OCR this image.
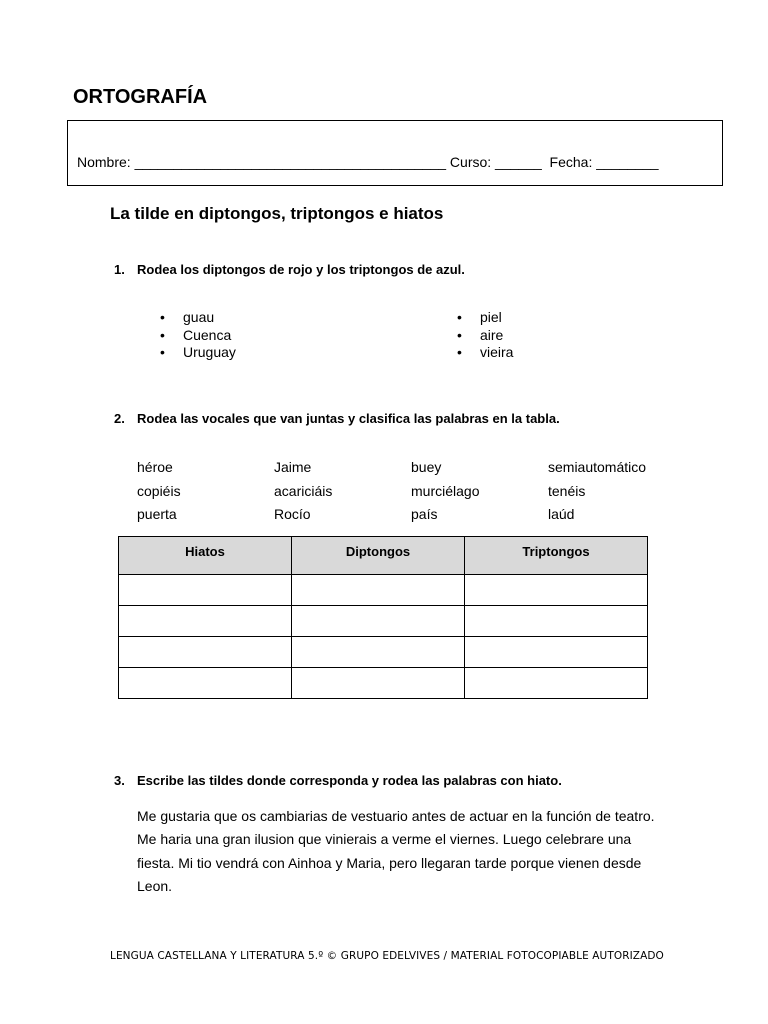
ORTOGRAFÍA
Nombre: ________________________________________ Curso: ______ Fecha: ________
La tilde en diptongos, triptongos e hiatos
1. Rodea los diptongos de rojo y los triptongos de azul.
• guau
• Cuenca
• Uruguay
• piel
• aire
• vieira
2. Rodea las vocales que van juntas y clasifica las palabras en la tabla.
héroe	Jaime	buey	semiautomático
copiéis	acariciáis	murciélago	tenéis
puerta	Rocío	país	laúd
Hiatos	Diptongos	Triptongos

3. Escribe las tildes donde corresponda y rodea las palabras con hiato.
Me gustaria que os cambiarias de vestuario antes de actuar en la función de teatro. Me haria una gran ilusion que vinierais a verme el viernes. Luego celebrare una fiesta. Mi tio vendrá con Ainhoa y Maria, pero llegaran tarde porque vienen desde Leon.
LENGUA CASTELLANA Y LITERATURA 5.º © GRUPO EDELVIVES / MATERIAL FOTOCOPIABLE AUTORIZADO
